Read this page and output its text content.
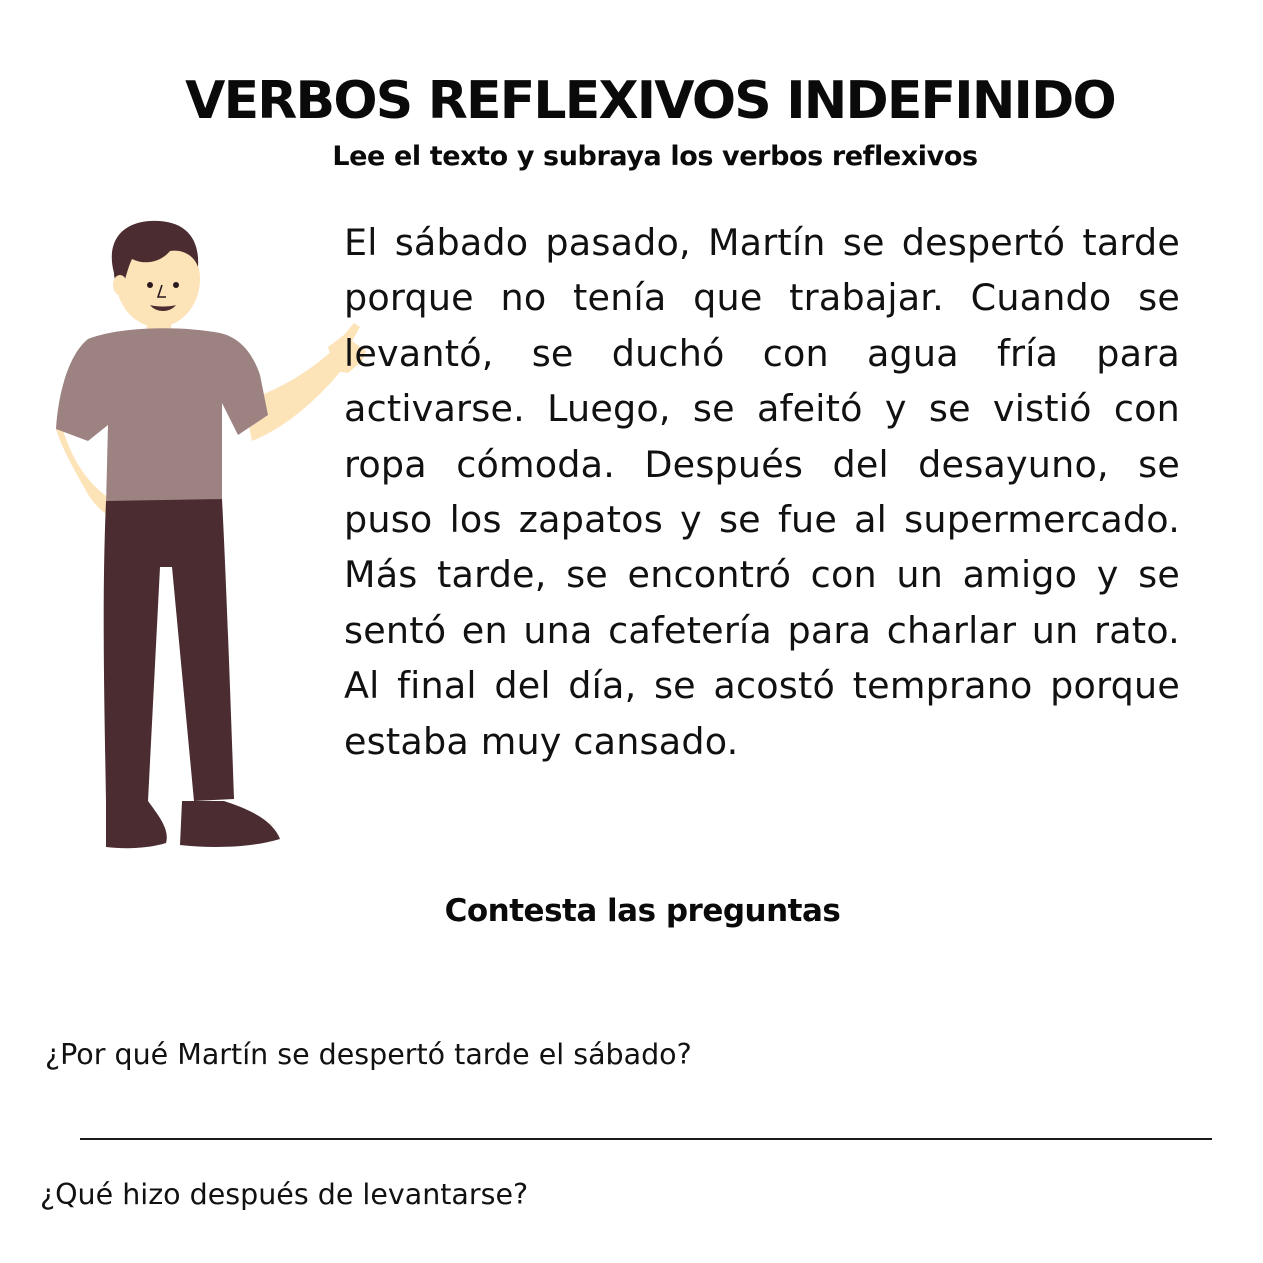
VERBOS REFLEXIVOS INDEFINIDO

Lee el texto y subraya los verbos reflexivos

El sábado pasado, Martín se despertó tarde porque no tenía que trabajar. Cuando se levantó, se duchó con agua fría para activarse. Luego, se afeitó y se vistió con ropa cómoda. Después del desayuno, se puso los zapatos y se fue al supermercado. Más tarde, se encontró con un amigo y se sentó en una cafetería para charlar un rato. Al final del día, se acostó temprano porque estaba muy cansado.

Contesta las preguntas

¿Por qué Martín se despertó tarde el sábado?

¿Qué hizo después de levantarse?
